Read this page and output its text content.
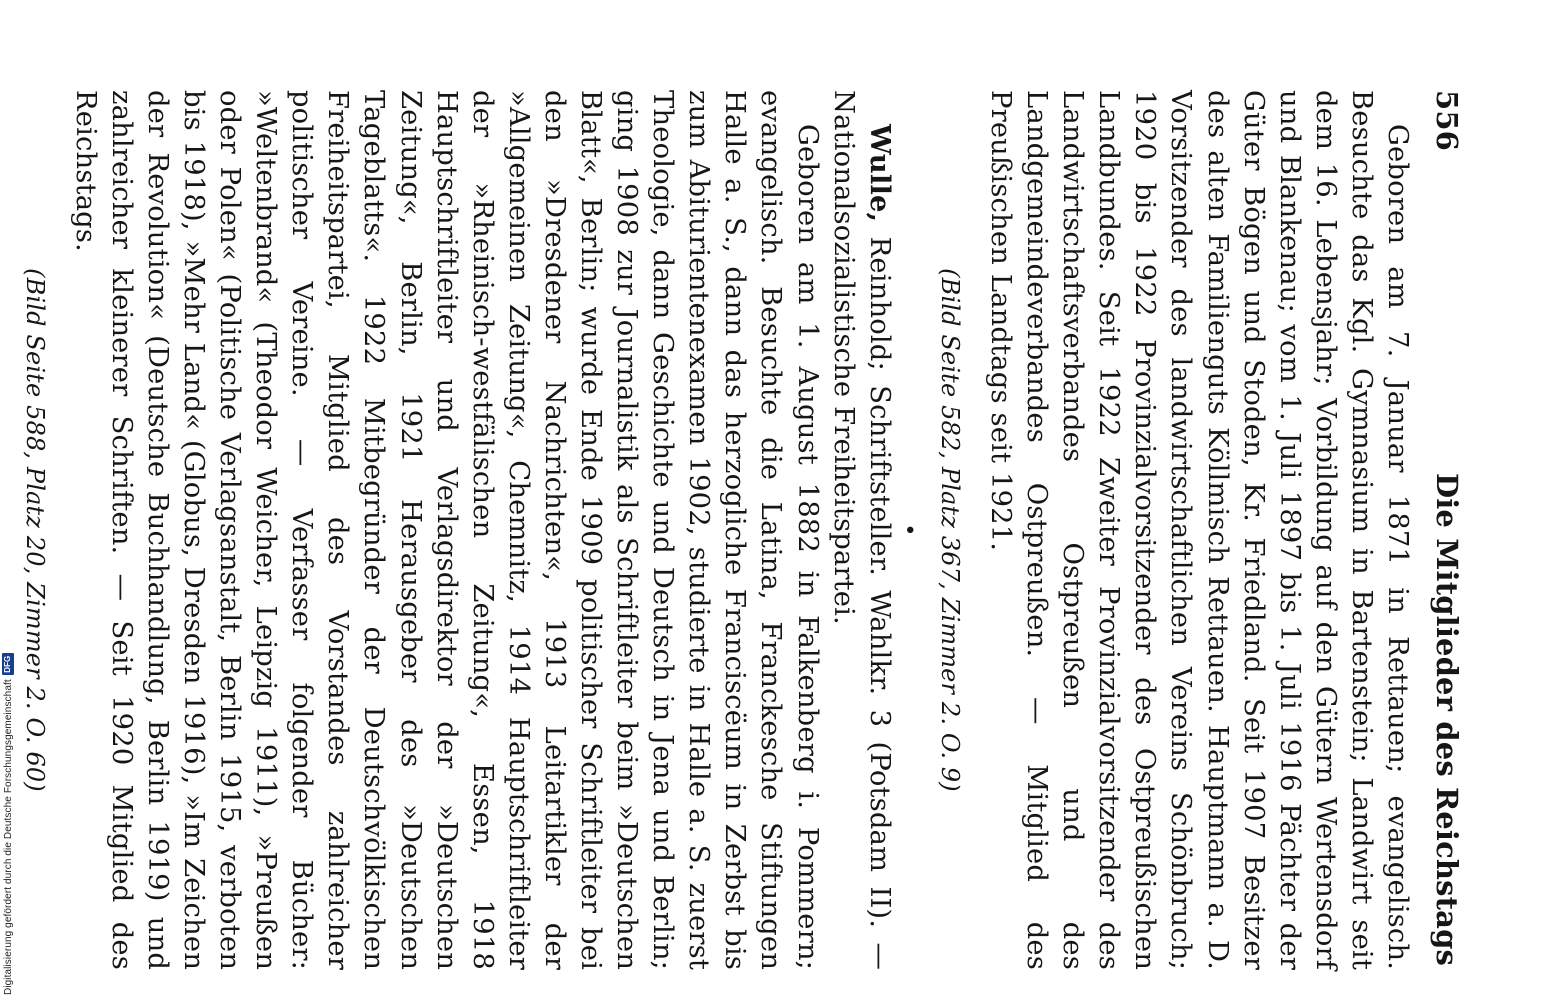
556
Die Mitglieder des Reichstags

Geboren am 7. Januar 1871 in Rettauen; evangelisch. Besuchte das Kgl. Gymnasium in Bartenstein; Landwirt seit dem 16. Lebensjahr; Vorbildung auf den Gütern Wertensdorf und Blankenau; vom 1. Juli 1897 bis 1. Juli 1916 Pächter der Güter Bögen und Stoden, Kr. Friedland. Seit 1907 Besitzer des alten Familienguts Köllmisch Rettauen. Hauptmann a. D. Vorsitzender des landwirtschaftlichen Vereins Schönbruch; 1920 bis 1922 Provinzialvorsitzender des Ostpreußischen Landbundes. Seit 1922 Zweiter Provinzialvorsitzender des Landwirtschaftsverbandes Ostpreußen und des Landgemeindeverbandes Ostpreußen. — Mitglied des Preußischen Landtags seit 1921.

(Bild Seite 582, Platz 367, Zimmer 2. O. 9)
•

Wulle, Reinhold; Schriftsteller. Wahlkr. 3 (Potsdam II). — Nationalsozialistische Freiheitspartei.

Geboren am 1. August 1882 in Falkenberg i. Pommern; evangelisch. Besuchte die Latina, Franckesche Stiftungen Halle a. S., dann das herzogliche Franciscëum in Zerbst bis zum Abiturientenexamen 1902, studierte in Halle a. S. zuerst Theologie, dann Geschichte und Deutsch in Jena und Berlin; ging 1908 zur Journalistik als Schriftleiter beim »Deutschen Blatt«, Berlin; wurde Ende 1909 politischer Schriftleiter bei den »Dresdener Nachrichten«, 1913 Leitartikler der »Allgemeinen Zeitung«, Chemnitz, 1914 Hauptschriftleiter der »Rheinisch-westfälischen Zeitung«, Essen, 1918 Hauptschriftleiter und Verlagsdirektor der »Deutschen Zeitung«, Berlin, 1921 Herausgeber des »Deutschen Tageblatts«. 1922 Mitbegründer der Deutschvölkischen Freiheitspartei, Mitglied des Vorstandes zahlreicher politischer Vereine. — Verfasser folgender Bücher: »Weltenbrand« (Theodor Weicher, Leipzig 1911), »Preußen oder Polen« (Politische Verlagsanstalt, Berlin 1915, verboten bis 1918), »Mehr Land« (Globus, Dresden 1916), »Im Zeichen der Revolution« (Deutsche Buchhandlung, Berlin 1919) und zahlreicher kleinerer Schriften. — Seit 1920 Mitglied des Reichstags.

(Bild Seite 588, Platz 20, Zimmer 2. O. 60)

Digitalisierung gefördert durch die Deutsche Forschungsgemeinschaft
DFG
